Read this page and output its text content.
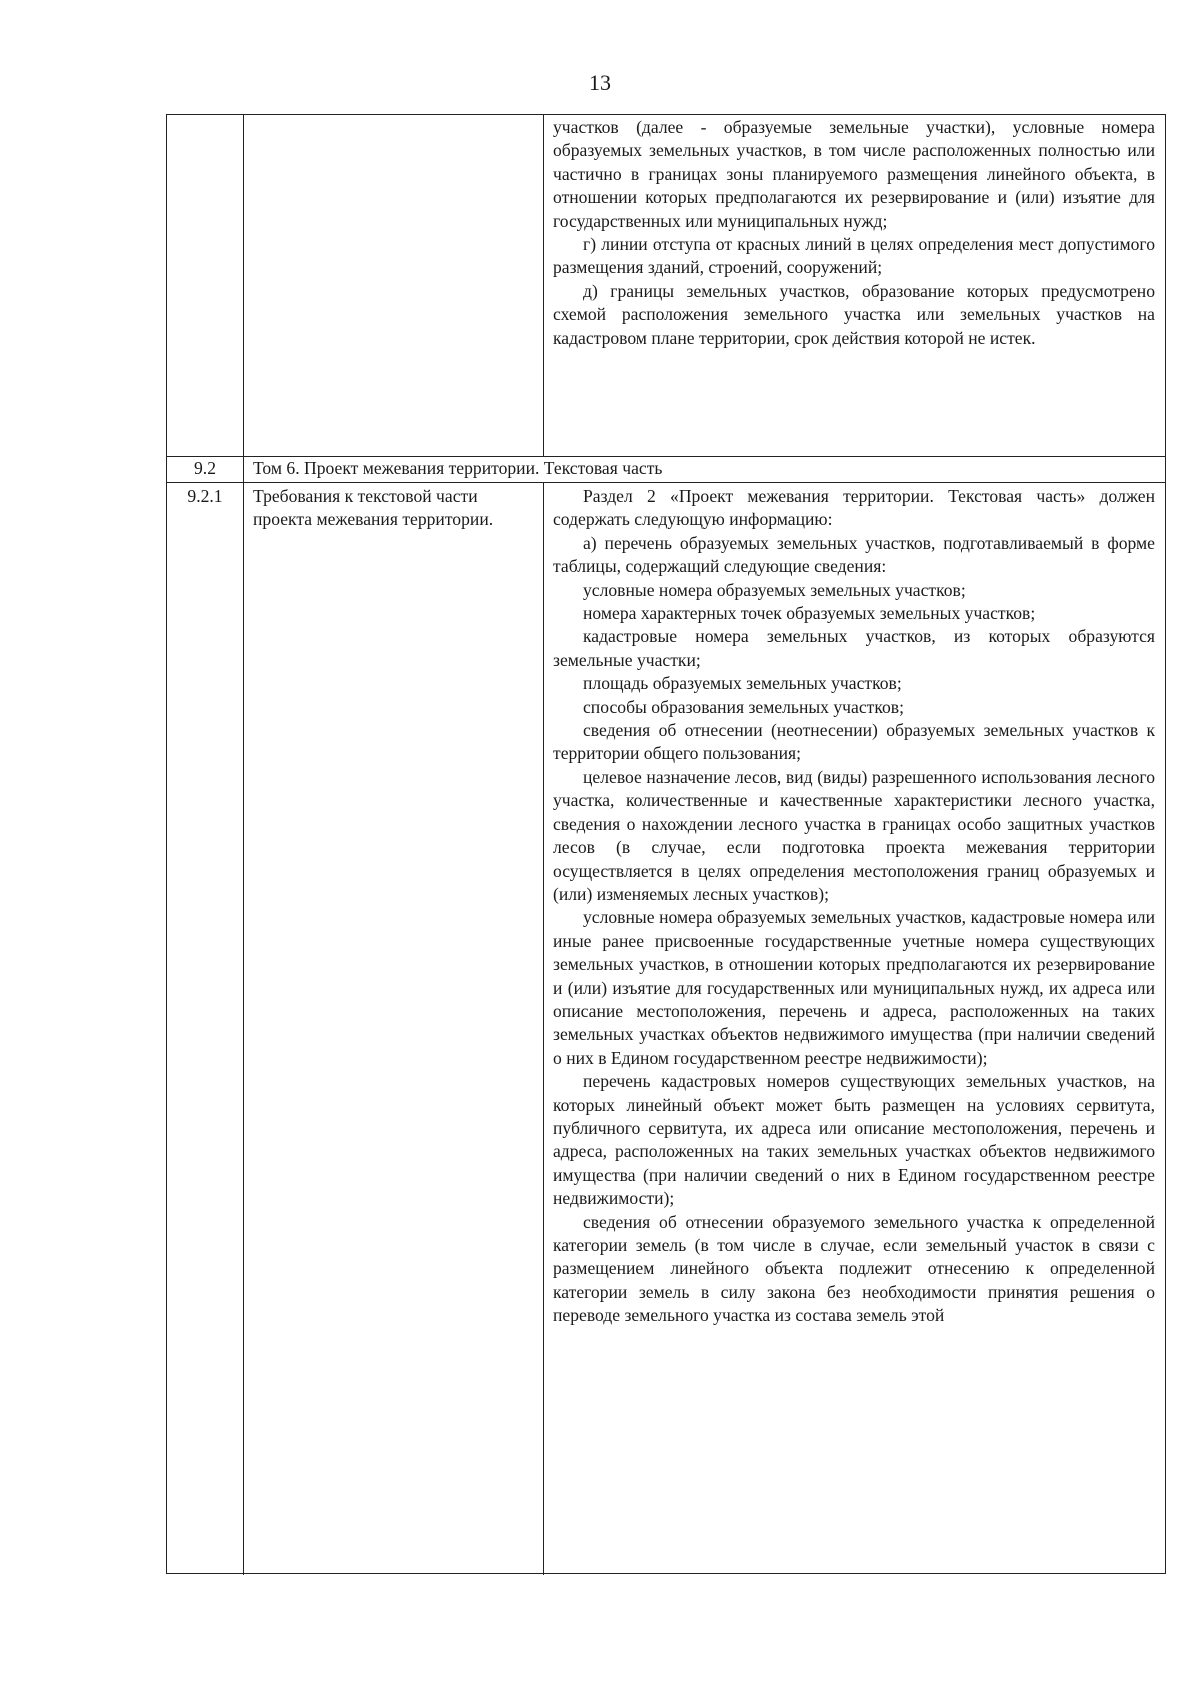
13

участков (далее - образуемые земельные участки), условные номера образуемых земельных участков, в том числе расположенных полностью или частично в границах зоны планируемого размещения линейного объекта, в отношении которых предполагаются их резервирование и (или) изъятие для государственных или муниципальных нужд;

г) линии отступа от красных линий в целях определения мест допустимого размещения зданий, строений, сооружений;

д) границы земельных участков, образование которых предусмотрено схемой расположения земельного участка или земельных участков на кадастровом плане территории, срок действия которой не истек.

9.2	Том 6. Проект межевания территории. Текстовая часть
9.2.1	Требования к текстовой части проекта межевания территории.

Раздел 2 «Проект межевания территории. Текстовая часть» должен содержать следующую информацию:

а) перечень образуемых земельных участков, подготавливаемый в форме таблицы, содержащий следующие сведения:

условные номера образуемых земельных участков;

номера характерных точек образуемых земельных участков;

кадастровые номера земельных участков, из которых образуются земельные участки;

площадь образуемых земельных участков;

способы образования земельных участков;

сведения об отнесении (неотнесении) образуемых земельных участков к территории общего пользования;

целевое назначение лесов, вид (виды) разрешенного использования лесного участка, количественные и качественные характеристики лесного участка, сведения о нахождении лесного участка в границах особо защитных участков лесов (в случае, если подготовка проекта межевания территории осуществляется в целях определения местоположения границ образуемых и (или) изменяемых лесных участков);

условные номера образуемых земельных участков, кадастровые номера или иные ранее присвоенные государственные учетные номера существующих земельных участков, в отношении которых предполагаются их резервирование и (или) изъятие для государственных или муниципальных нужд, их адреса или описание местоположения, перечень и адреса, расположенных на таких земельных участках объектов недвижимого имущества (при наличии сведений о них в Едином государственном реестре недвижимости);

перечень кадастровых номеров существующих земельных участков, на которых линейный объект может быть размещен на условиях сервитута, публичного сервитута, их адреса или описание местоположения, перечень и адреса, расположенных на таких земельных участках объектов недвижимого имущества (при наличии сведений о них в Едином государственном реестре недвижимости);

сведения об отнесении образуемого земельного участка к определенной категории земель (в том числе в случае, если земельный участок в связи с размещением линейного объекта подлежит отнесению к определенной категории земель в силу закона без необходимости принятия решения о переводе земельного участка из состава земель этой
